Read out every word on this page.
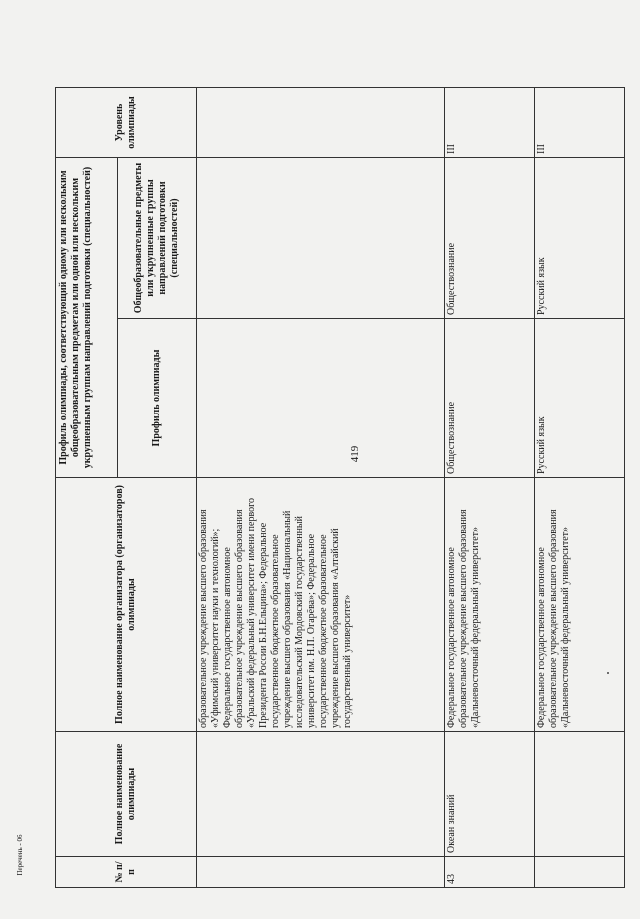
419
№ п/п	Полное наименование олимпиады	Полное наименование организатора (организаторов) олимпиады	Профиль олимпиады, соответствующий одному или нескольким общеобразовательным предметам или одной или нескольким укрупненным группам направлений подготовки (специальностей)		Уровень олимпиады
			Профиль олимпиады	Общеобразовательные предметы или укрупненные группы направлений подготовки (специальностей)	
		образовательное учреждение высшего образования «Уфимский университет науки и технологий»; Федеральное государственное автономное образовательное учреждение высшего образования «Уральский федеральный университет имени первого Президента России Б.Н.Ельцина»; Федеральное государственное бюджетное образовательное учреждение высшего образования «Национальный исследовательский Мордовский государственный университет им. Н.П. Огарёва»; Федеральное государственное бюджетное образовательное учреждение высшего образования «Алтайский государственный университет»			
43	Океан знаний	Федеральное государственное автономное образовательное учреждение высшего образования «Дальневосточный федеральный университет»	Обществознание	Обществознание	III
		Федеральное государственное автономное образовательное учреждение высшего образования «Дальневосточный федеральный университет»	Русский язык	Русский язык	III
Перечень - 06
